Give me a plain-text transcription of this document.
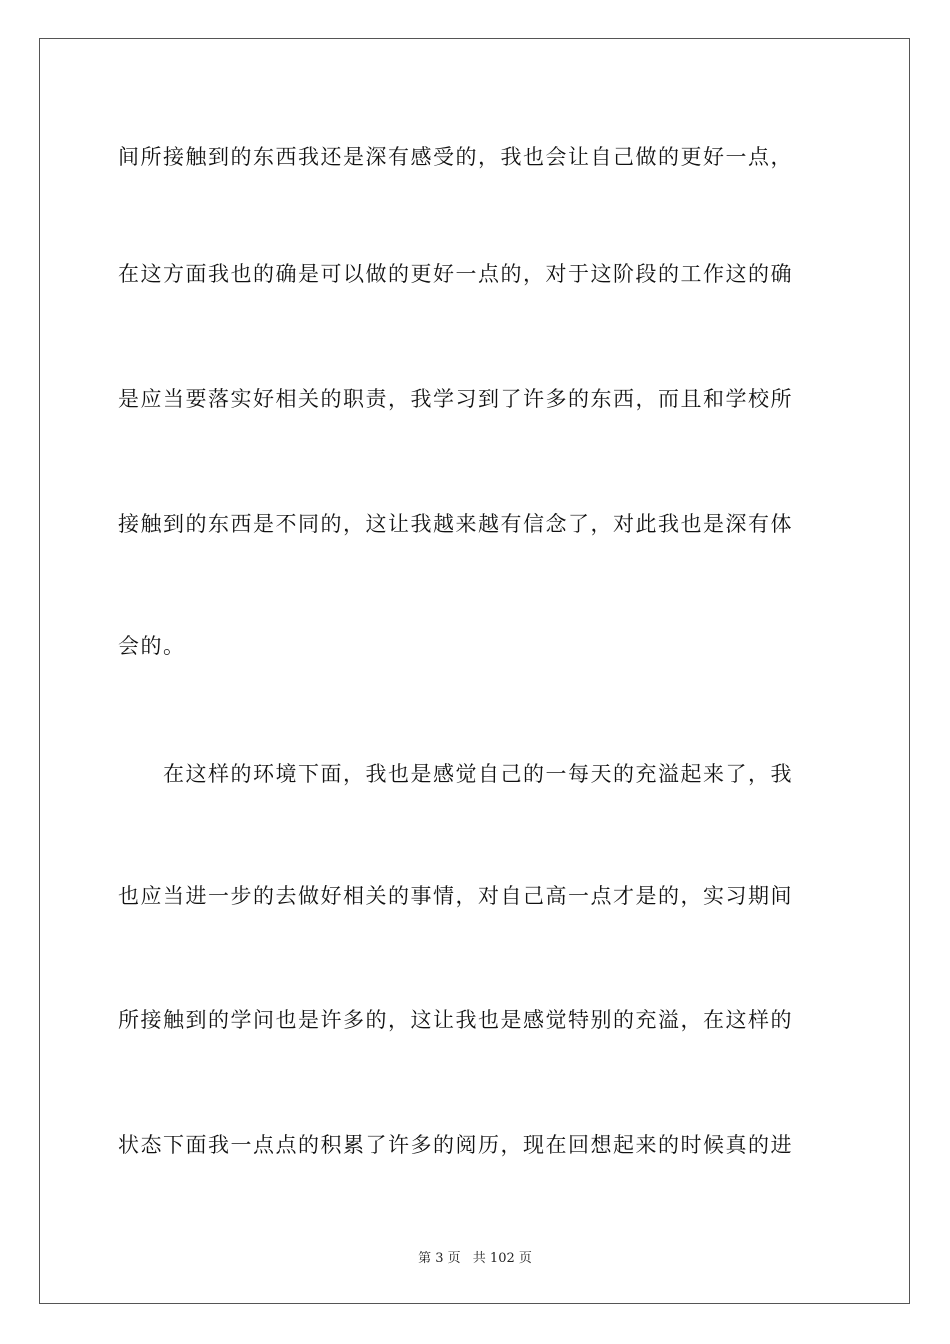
间所接触到的东西我还是深有感受的，我也会让自己做的更好一点，
在这方面我也的确是可以做的更好一点的，对于这阶段的工作这的确
是应当要落实好相关的职责，我学习到了许多的东西，而且和学校所
接触到的东西是不同的，这让我越来越有信念了，对此我也是深有体
会的。
　　在这样的环境下面，我也是感觉自己的一每天的充溢起来了，我
也应当进一步的去做好相关的事情，对自己高一点才是的，实习期间
所接触到的学问也是许多的，这让我也是感觉特别的充溢，在这样的
状态下面我一点点的积累了许多的阅历，现在回想起来的时候真的进
第 3 页 共 102 页
